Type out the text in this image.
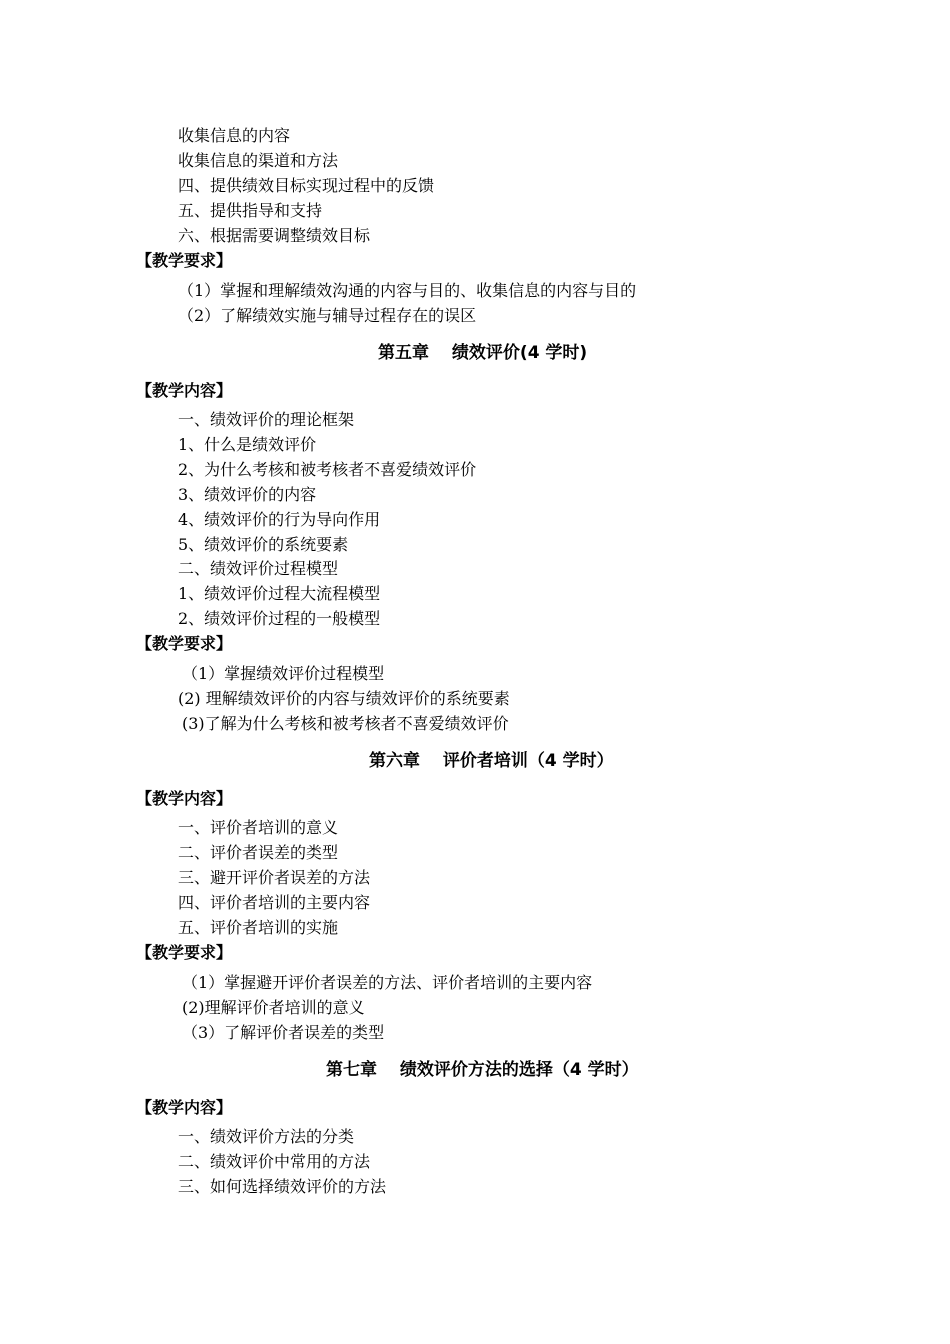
收集信息的内容
收集信息的渠道和方法
四、提供绩效目标实现过程中的反馈
五、提供指导和支持
六、根据需要调整绩效目标
【教学要求】
（1）掌握和理解绩效沟通的内容与目的、收集信息的内容与目的
（2）了解绩效实施与辅导过程存在的误区
第五章　 绩效评价(4 学时)
【教学内容】
一、绩效评价的理论框架
1、什么是绩效评价
2、为什么考核和被考核者不喜爱绩效评价
3、绩效评价的内容
4、绩效评价的行为导向作用
5、绩效评价的系统要素
二、绩效评价过程模型
1、绩效评价过程大流程模型
2、绩效评价过程的一般模型
【教学要求】
（1）掌握绩效评价过程模型
(2) 理解绩效评价的内容与绩效评价的系统要素
(3)了解为什么考核和被考核者不喜爱绩效评价
第六章　 评价者培训（4 学时）
【教学内容】
一、评价者培训的意义
二、评价者误差的类型
三、避开评价者误差的方法
四、评价者培训的主要内容
五、评价者培训的实施
【教学要求】
（1）掌握避开评价者误差的方法、评价者培训的主要内容
(2)理解评价者培训的意义
（3）了解评价者误差的类型
第七章　 绩效评价方法的选择（4 学时）
【教学内容】
一、绩效评价方法的分类
二、绩效评价中常用的方法
三、如何选择绩效评价的方法
